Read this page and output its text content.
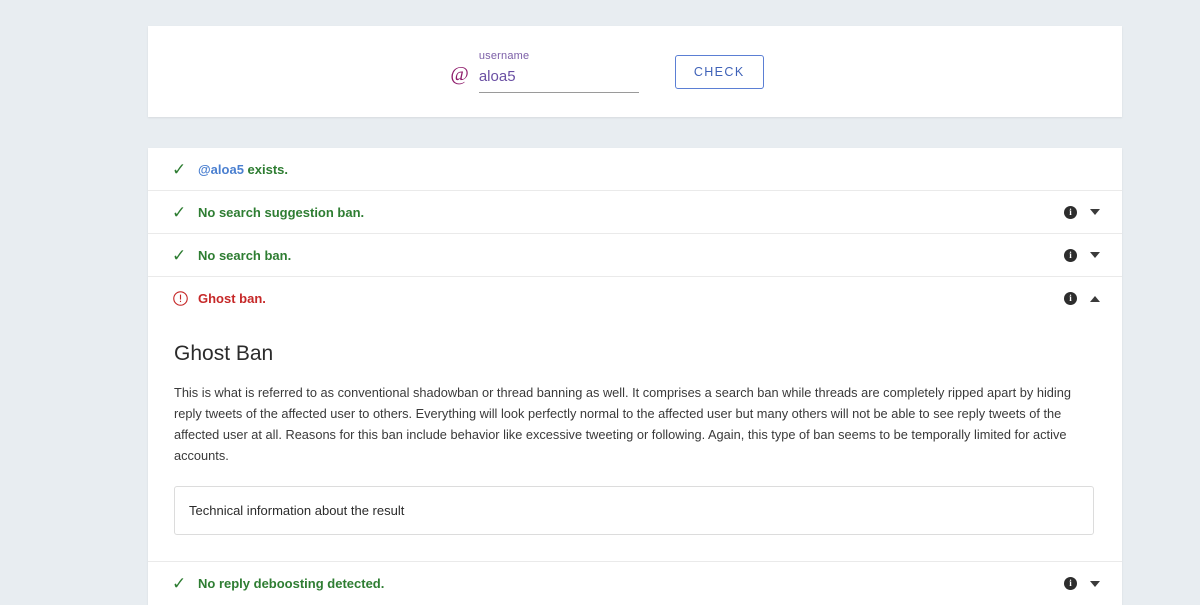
@
username
aloa5
CHECK
✓ @aloa5 exists.
✓ No search suggestion ban.	i
✓ No search ban.	i
Ghost ban.	i
Ghost Ban

This is what is referred to as conventional shadowban or thread banning as well. It comprises a search ban while threads are completely ripped apart by hiding reply tweets of the affected user to others. Everything will look perfectly normal to the affected user but many others will not be able to see reply tweets of the affected user at all. Reasons for this ban include behavior like excessive tweeting or following. Again, this type of ban seems to be temporally limited for active accounts.

Technical information about the result
✓ No reply deboosting detected.	i
